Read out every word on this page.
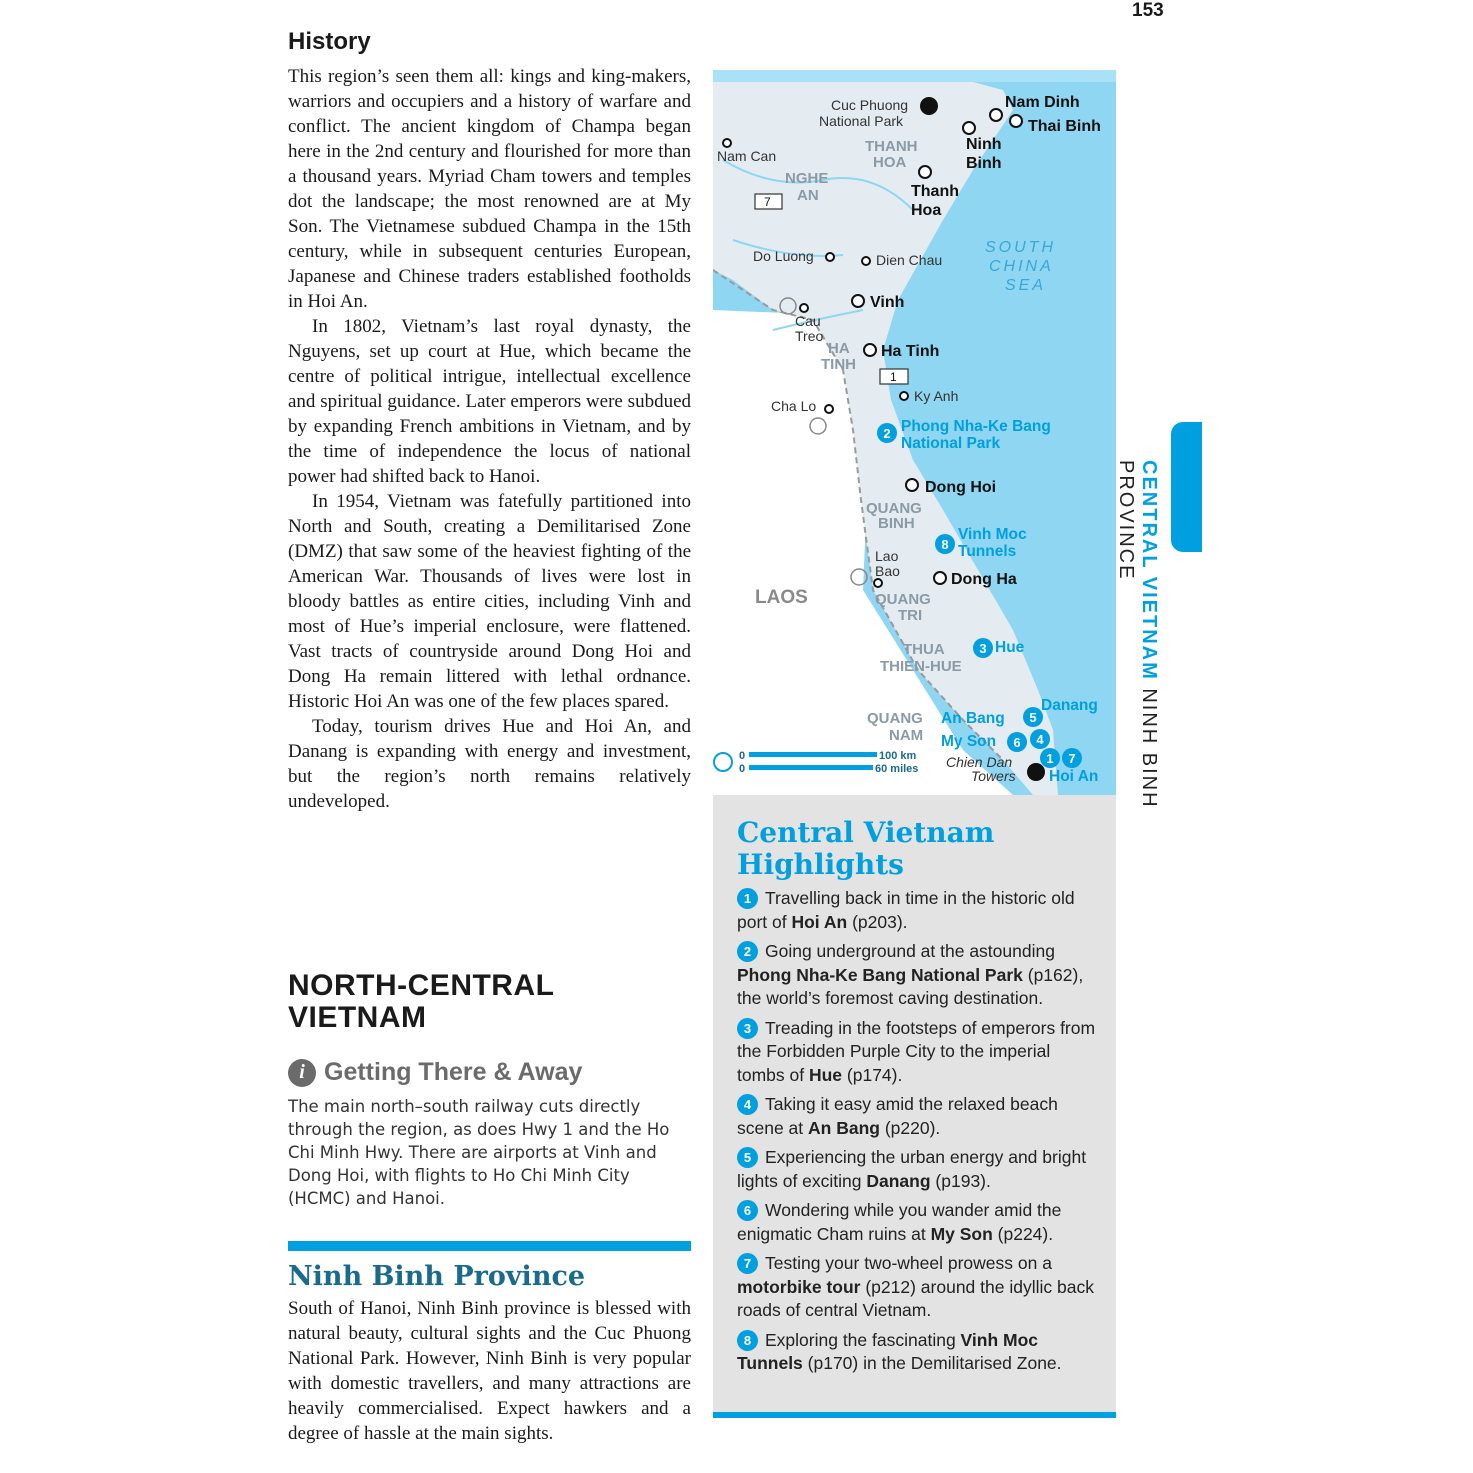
153
History

This region’s seen them all: kings and king-makers, warriors and occupiers and a history of warfare and conflict. The ancient kingdom of Champa began here in the 2nd century and flourished for more than a thousand years. Myriad Cham towers and temples dot the landscape; the most renowned are at My Son. The Vietnamese subdued Champa in the 15th century, while in subsequent centuries European, Japanese and Chinese traders established footholds in Hoi An.

In 1802, Vietnam’s last royal dynasty, the Nguyens, set up court at Hue, which became the centre of political intrigue, intellectual excellence and spiritual guidance. Later emperors were subdued by expanding French ambitions in Vietnam, and by the time of independence the locus of national power had shifted back to Hanoi.

In 1954, Vietnam was fatefully partitioned into North and South, creating a Demilitarised Zone (DMZ) that saw some of the heaviest fighting of the American War. Thousands of lives were lost in bloody battles as entire cities, including Vinh and most of Hue’s imperial enclosure, were flattened. Vast tracts of countryside around Dong Hoi and Dong Ha remain littered with lethal ordnance. Historic Hoi An was one of the few places spared.

Today, tourism drives Hue and Hoi An, and Danang is expanding with energy and investment, but the region’s north remains relatively undeveloped.

NORTH-CENTRAL VIETNAM
i Getting There & Away

The main north–south railway cuts directly through the region, as does Hwy 1 and the Ho Chi Minh Hwy. There are airports at Vinh and Dong Hoi, with flights to Ho Chi Minh City (HCMC) and Hanoi.

Ninh Binh Province

South of Hanoi, Ninh Binh province is blessed with natural beauty, cultural sights and the Cuc Phuong National Park. However, Ninh Binh is very popular with domestic travellers, and many attractions are heavily commercialised. Expect hawkers and a degree of hassle at the main sights.

Cuc Phuong
National Park
Nam Can
Do Luong	Dien Chau
Cau
Treo
Ky Anh
Cha Lo
Lao
Bao
Chien Dan
Towers
Nam Dinh
Thai Binh
Ninh
Binh
Thanh
Hoa
Vinh
Ha Tinh
Dong Hoi
Dong Ha
THANH
HOA
NGHE
AN
HA
TINH
QUANG
BINH
QUANG
TRI
THUA
THIEN-HUE
QUANG
NAM
LAOS
SOUTH
CHINA
SEA
Phong Nha-Ke Bang
National Park
Vinh Moc
Tunnels
Hue
Danang
An Bang
My Son
Hoi An
7
1
2
8
3
5
4
6
1 7
0
0
100 km
60 miles
Central Vietnam Highlights
1 Travelling back in time in the historic old port of Hoi An (p203).
2 Going underground at the astounding Phong Nha-Ke Bang National Park (p162), the world’s foremost caving destination.
3 Treading in the footsteps of emperors from the Forbidden Purple City to the imperial tombs of Hue (p174).
4 Taking it easy amid the relaxed beach scene at An Bang (p220).
5 Experiencing the urban energy and bright lights of exciting Danang (p193).
6 Wondering while you wander amid the enigmatic Cham ruins at My Son (p224).
7 Testing your two-wheel prowess on a motorbike tour (p212) around the idyllic back roads of central Vietnam.
8 Exploring the fascinating Vinh Moc Tunnels (p170) in the Demilitarised Zone.
CENTRAL VIETNAM NINH BINH PROVINCE
